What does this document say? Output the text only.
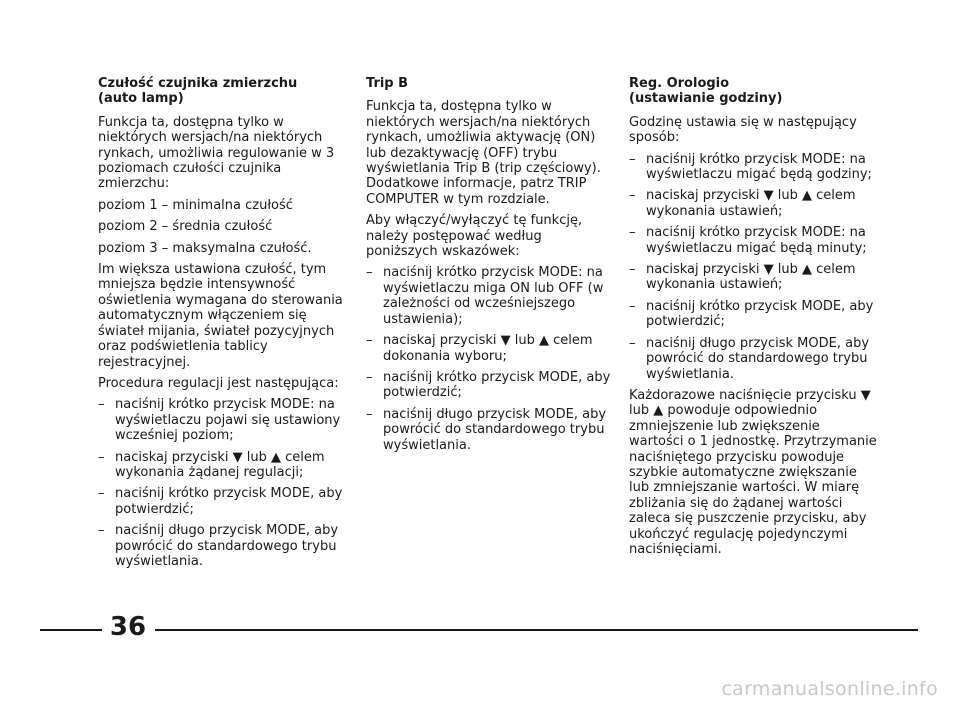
Czułość czujnika zmierzchu
(auto lamp)
Funkcja ta, dostępna tylko w niektórych wersjach/na niektórych rynkach, umożliwia regulowanie w 3 poziomach czułości czujnika zmierzchu:
poziom 1 – minimalna czułość
poziom 2 – średnia czułość
poziom 3 – maksymalna czułość.
Im większa ustawiona czułość, tym mniejsza będzie intensywność oświetlenia wymagana do sterowania automatycznym włączeniem się świateł mijania, świateł pozycyjnych oraz podświetlenia tablicy rejestracyjnej.
Procedura regulacji jest następująca:
– naciśnij krótko przycisk MODE: na wyświetlaczu pojawi się ustawiony wcześniej poziom;
– naciskaj przyciski ▼ lub ▲ celem wykonania żądanej regulacji;
– naciśnij krótko przycisk MODE, aby potwierdzić;
– naciśnij długo przycisk MODE, aby powrócić do standardowego trybu wyświetlania.
Trip B
Funkcja ta, dostępna tylko w niektórych wersjach/na niektórych rynkach, umożliwia aktywację (ON) lub dezaktywację (OFF) trybu wyświetlania Trip B (trip częściowy). Dodatkowe informacje, patrz TRIP COMPUTER w tym rozdziale.
Aby włączyć/wyłączyć tę funkcję, należy postępować według poniższych wskazówek:
– naciśnij krótko przycisk MODE: na wyświetlaczu miga ON lub OFF (w zależności od wcześniejszego ustawienia);
– naciskaj przyciski ▼ lub ▲ celem dokonania wyboru;
– naciśnij krótko przycisk MODE, aby potwierdzić;
– naciśnij długo przycisk MODE, aby powrócić do standardowego trybu wyświetlania.
Reg. Orologio
(ustawianie godziny)
Godzinę ustawia się w następujący sposób:
– naciśnij krótko przycisk MODE: na wyświetlaczu migać będą godziny;
– naciskaj przyciski ▼ lub ▲ celem wykonania ustawień;
– naciśnij krótko przycisk MODE: na wyświetlaczu migać będą minuty;
– naciskaj przyciski ▼ lub ▲ celem wykonania ustawień;
– naciśnij krótko przycisk MODE, aby potwierdzić;
– naciśnij długo przycisk MODE, aby powrócić do standardowego trybu wyświetlania.
Każdorazowe naciśnięcie przycisku ▼ lub ▲ powoduje odpowiednio zmniejszenie lub zwiększenie wartości o 1 jednostkę. Przytrzymanie naciśniętego przycisku powoduje szybkie automatyczne zwiększanie lub zmniejszanie wartości. W miarę zbliżania się do żądanej wartości zaleca się puszczenie przycisku, aby ukończyć regulację pojedynczymi naciśnięciami.
36
carmanualsonline.info
